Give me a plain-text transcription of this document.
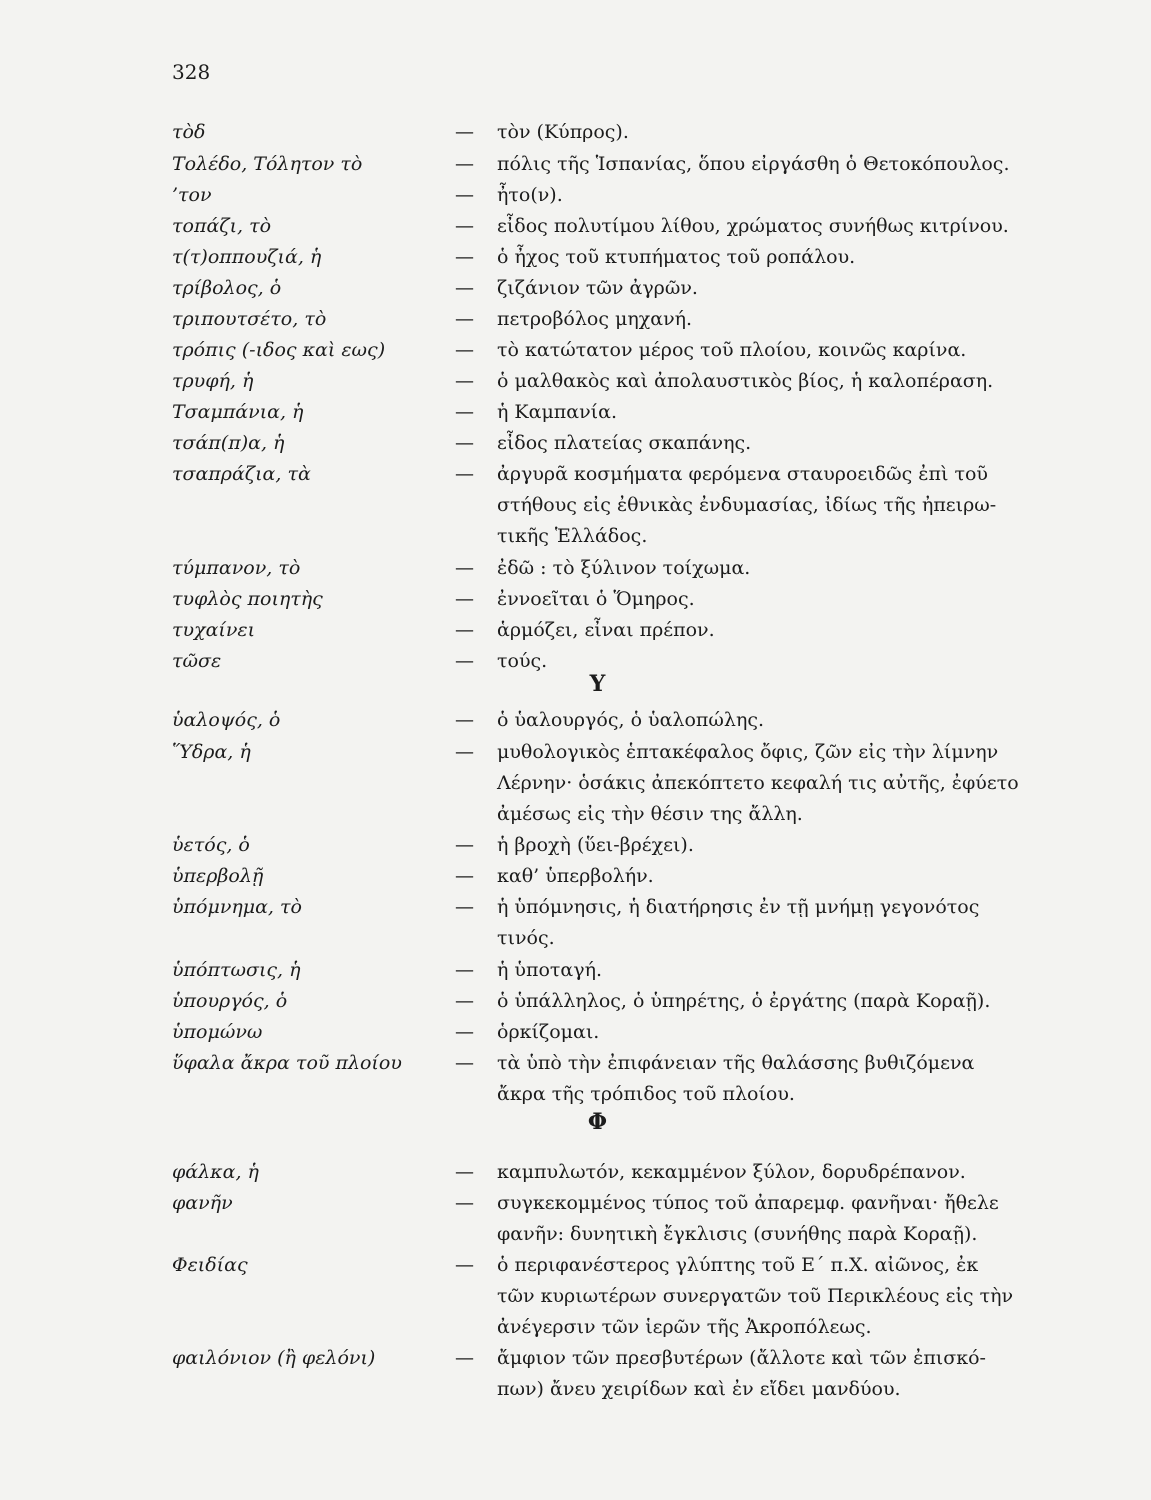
328
τὸδ	— τὸν (Κύπρος).
Τολέδο, Τόλητον τὸ	— πόλις τῆς Ἱσπανίας, ὅπου εἰργάσθη ὁ Θετοκόπουλος.
’τον	— ἦτο(ν).
τοπάζι, τὸ	— εἶδος πολυτίμου λίθου, χρώματος συνήθως κιτρίνου.
τ(τ)οππουζιά, ἡ	— ὁ ἦχος τοῦ κτυπήματος τοῦ ροπάλου.
τρίβολος, ὁ	— ζιζάνιον τῶν ἀγρῶν.
τριπουτσέτο, τὸ	— πετροβόλος μηχανή.
τρόπις (-ιδος καὶ εως)	— τὸ κατώτατον μέρος τοῦ πλοίου, κοινῶς καρίνα.
τρυφή, ἡ	— ὁ μαλθακὸς καὶ ἀπολαυστικὸς βίος, ἡ καλοπέραση.
Τσαμπάνια, ἡ	— ἡ Καμπανία.
τσάπ(π)α, ἡ	— εἶδος πλατείας σκαπάνης.
τσαπράζια, τὰ	— ἀργυρᾶ κοσμήματα φερόμενα σταυροειδῶς ἐπὶ τοῦ
στήθους εἰς ἐθνικὰς ἐνδυμασίας, ἰδίως τῆς ἠπειρω-
τικῆς Ἑλλάδος.
τύμπανον, τὸ	— ἐδῶ : τὸ ξύλινον τοίχωμα.
τυφλὸς ποιητὴς	— ἐννοεῖται ὁ Ὅμηρος.
τυχαίνει	— ἁρμόζει, εἶναι πρέπον.
τῶσε	— τούς.
Υ
ὑαλοψός, ὁ	— ὁ ὑαλουργός, ὁ ὑαλοπώλης.
Ὕδρα, ἡ	— μυθολογικὸς ἑπτακέφαλος ὄφις, ζῶν εἰς τὴν λίμνην
Λέρνην· ὁσάκις ἀπεκόπτετο κεφαλή τις αὐτῆς, ἐφύετο
ἀμέσως εἰς τὴν θέσιν της ἄλλη.
ὑετός, ὁ	— ἡ βροχὴ (ὕει-βρέχει).
ὑπερβολῇ	— καθ’ ὑπερβολήν.
ὑπόμνημα, τὸ	— ἡ ὑπόμνησις, ἡ διατήρησις ἐν τῇ μνήμῃ γεγονότος
τινός.
ὑπόπτωσις, ἡ	— ἡ ὑποταγή.
ὑπουργός, ὁ	— ὁ ὑπάλληλος, ὁ ὑπηρέτης, ὁ ἐργάτης (παρὰ Κοραῇ).
ὑπομώνω	— ὁρκίζομαι.
ὕφαλα ἄκρα τοῦ πλοίου	— τὰ ὑπὸ τὴν ἐπιφάνειαν τῆς θαλάσσης βυθιζόμενα
ἄκρα τῆς τρόπιδος τοῦ πλοίου.
Φ
φάλκα, ἡ	— καμπυλωτόν, κεκαμμένον ξύλον, δορυδρέπανον.
φανῆν	— συγκεκομμένος τύπος τοῦ ἀπαρεμφ. φανῆναι· ἤθελε
φανῆν: δυνητικὴ ἔγκλισις (συνήθης παρὰ Κοραῇ).
Φειδίας	— ὁ περιφανέστερος γλύπτης τοῦ Ε΄ π.Χ. αἰῶνος, ἐκ
τῶν κυριωτέρων συνεργατῶν τοῦ Περικλέους εἰς τὴν
ἀνέγερσιν τῶν ἱερῶν τῆς Ἀκροπόλεως.
φαιλόνιον (ἢ φελόνι)	— ἄμφιον τῶν πρεσβυτέρων (ἄλλοτε καὶ τῶν ἐπισκό-
πων) ἄνευ χειρίδων καὶ ἐν εἴδει μανδύου.
